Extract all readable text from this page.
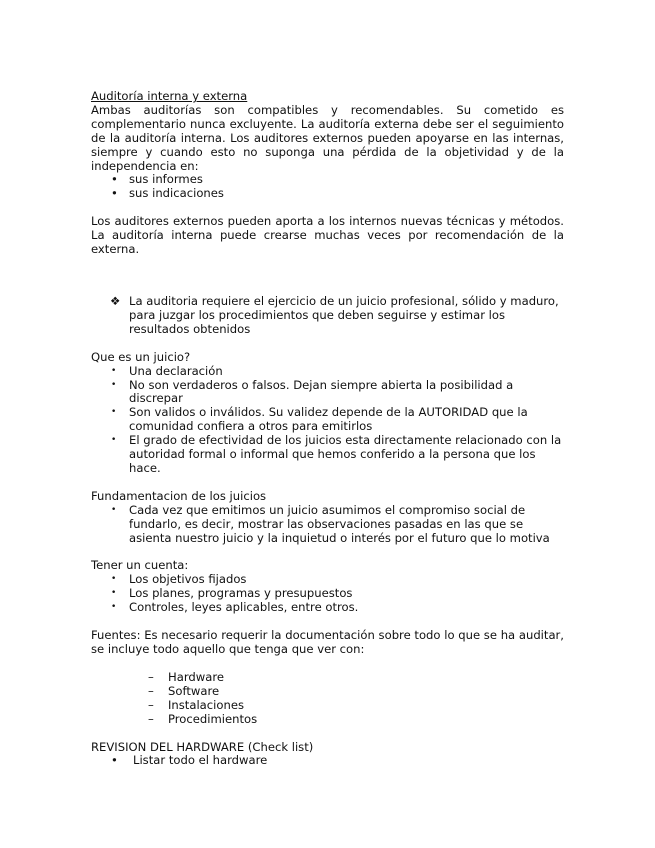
Auditoría interna y externa

Ambas auditorías son compatibles y recomendables. Su cometido es complementario nunca excluyente. La auditoría externa debe ser el seguimiento de la auditoría interna. Los auditores externos pueden apoyarse en las internas, siempre y cuando esto no suponga una pérdida de la objetividad y de la independencia en:

• sus informes
• sus indicaciones

Los auditores externos pueden aporta a los internos nuevas técnicas y métodos. La auditoría interna puede crearse muchas veces por recomendación de la externa.

❖ La auditoria requiere el ejercicio de un juicio profesional, sólido y maduro, para juzgar los procedimientos que deben seguirse y estimar los resultados obtenidos

Que es un juicio?

• Una declaración
• No son verdaderos o falsos. Dejan siempre abierta la posibilidad a discrepar
• Son validos o inválidos. Su validez depende de la AUTORIDAD que la comunidad confiera a otros para emitirlos
• El grado de efectividad de los juicios esta directamente relacionado con la autoridad formal o informal que hemos conferido a la persona que los hace.

Fundamentacion de los juicios

• Cada vez que emitimos un juicio asumimos el compromiso social de fundarlo, es decir, mostrar las observaciones pasadas en las que se asienta nuestro juicio y la inquietud o interés por el futuro que lo motiva

Tener un cuenta:

• Los objetivos fijados
• Los planes, programas y presupuestos
• Controles, leyes aplicables, entre otros.

Fuentes: Es necesario requerir la documentación sobre todo lo que se ha auditar, se incluye todo aquello que tenga que ver con:

– Hardware
– Software
– Instalaciones
– Procedimientos

REVISION DEL HARDWARE (Check list)

• Listar todo el hardware
